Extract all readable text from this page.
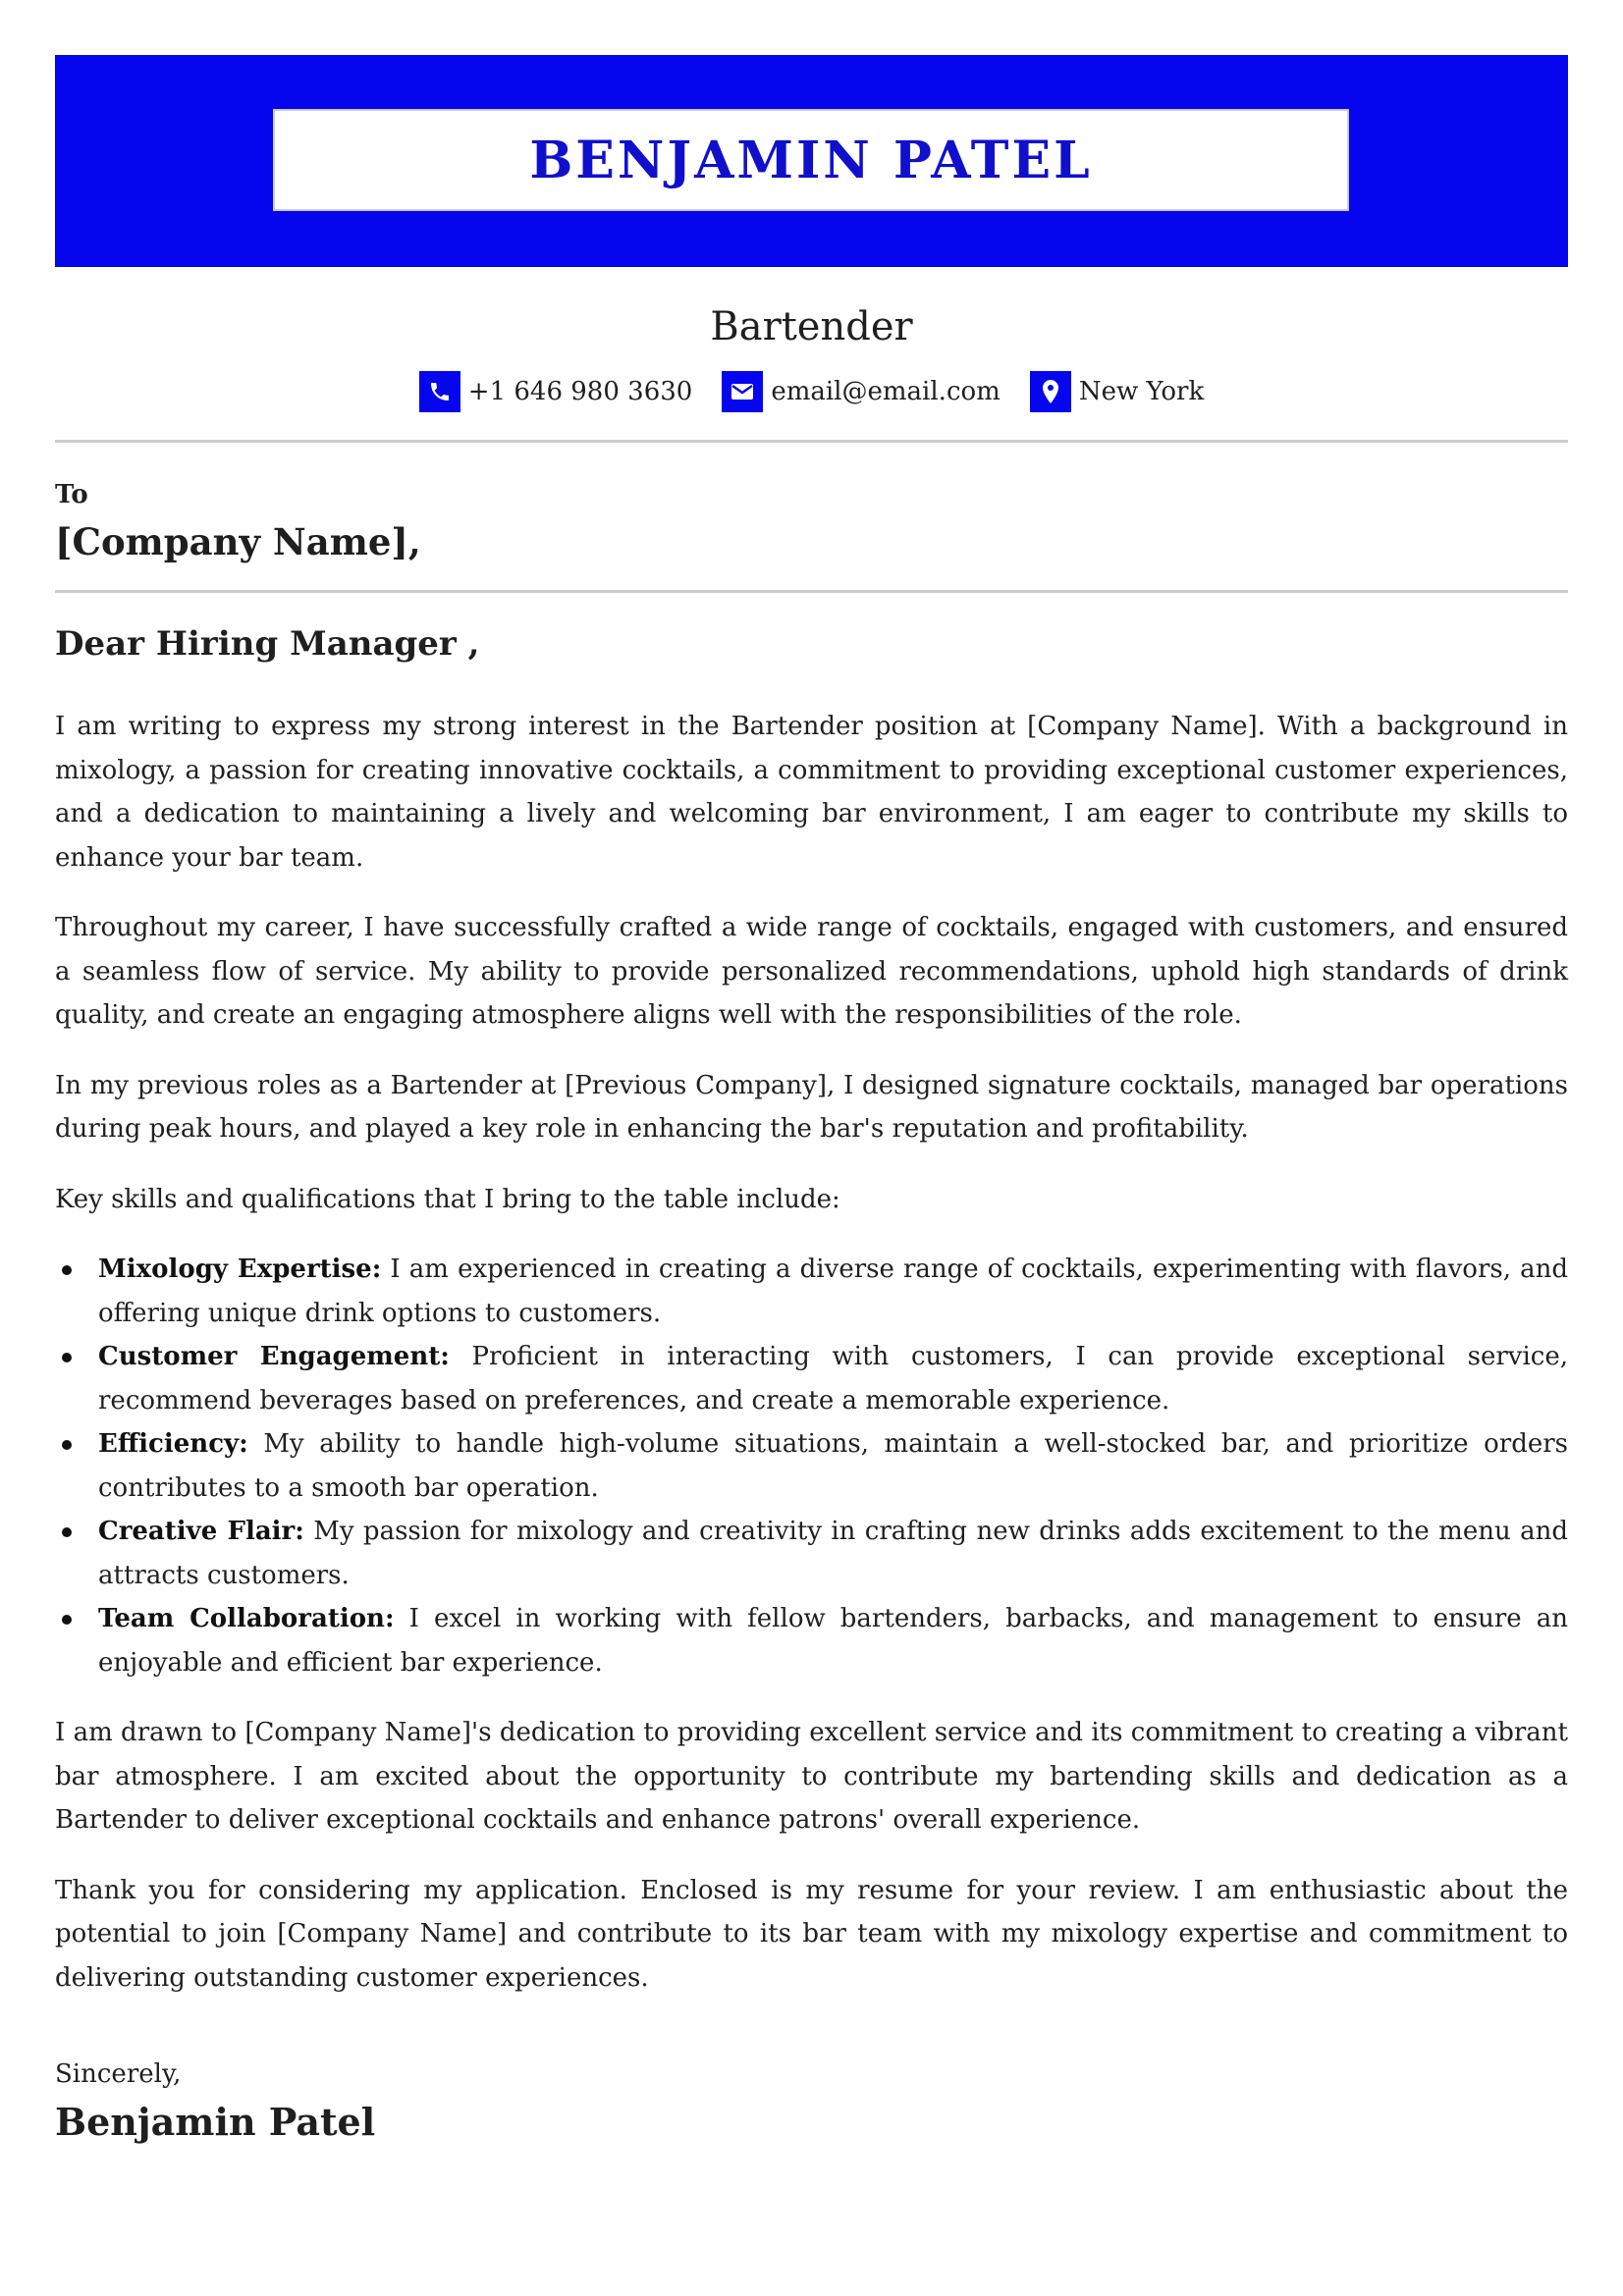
BENJAMIN PATEL
Bartender
+1 646 980 3630	email@email.com	New York
To
[Company Name],
Dear Hiring Manager ,

I am writing to express my strong interest in the Bartender position at [Company Name]. With a background in mixology, a passion for creating innovative cocktails, a commitment to providing exceptional customer experiences, and a dedication to maintaining a lively and welcoming bar environment, I am eager to contribute my skills to enhance your bar team.

Throughout my career, I have successfully crafted a wide range of cocktails, engaged with customers, and ensured a seamless flow of service. My ability to provide personalized recommendations, uphold high standards of drink quality, and create an engaging atmosphere aligns well with the responsibilities of the role.

In my previous roles as a Bartender at [Previous Company], I designed signature cocktails, managed bar operations during peak hours, and played a key role in enhancing the bar's reputation and profitability.

Key skills and qualifications that I bring to the table include:

Mixology Expertise: I am experienced in creating a diverse range of cocktails, experimenting with flavors, and offering unique drink options to customers.
Customer Engagement: Proficient in interacting with customers, I can provide exceptional service, recommend beverages based on preferences, and create a memorable experience.
Efficiency: My ability to handle high-volume situations, maintain a well-stocked bar, and prioritize orders contributes to a smooth bar operation.
Creative Flair: My passion for mixology and creativity in crafting new drinks adds excitement to the menu and attracts customers.
Team Collaboration: I excel in working with fellow bartenders, barbacks, and management to ensure an enjoyable and efficient bar experience.

I am drawn to [Company Name]'s dedication to providing excellent service and its commitment to creating a vibrant bar atmosphere. I am excited about the opportunity to contribute my bartending skills and dedication as a Bartender to deliver exceptional cocktails and enhance patrons' overall experience.

Thank you for considering my application. Enclosed is my resume for your review. I am enthusiastic about the potential to join [Company Name] and contribute to its bar team with my mixology expertise and commitment to delivering outstanding customer experiences.

Sincerely,
Benjamin Patel
